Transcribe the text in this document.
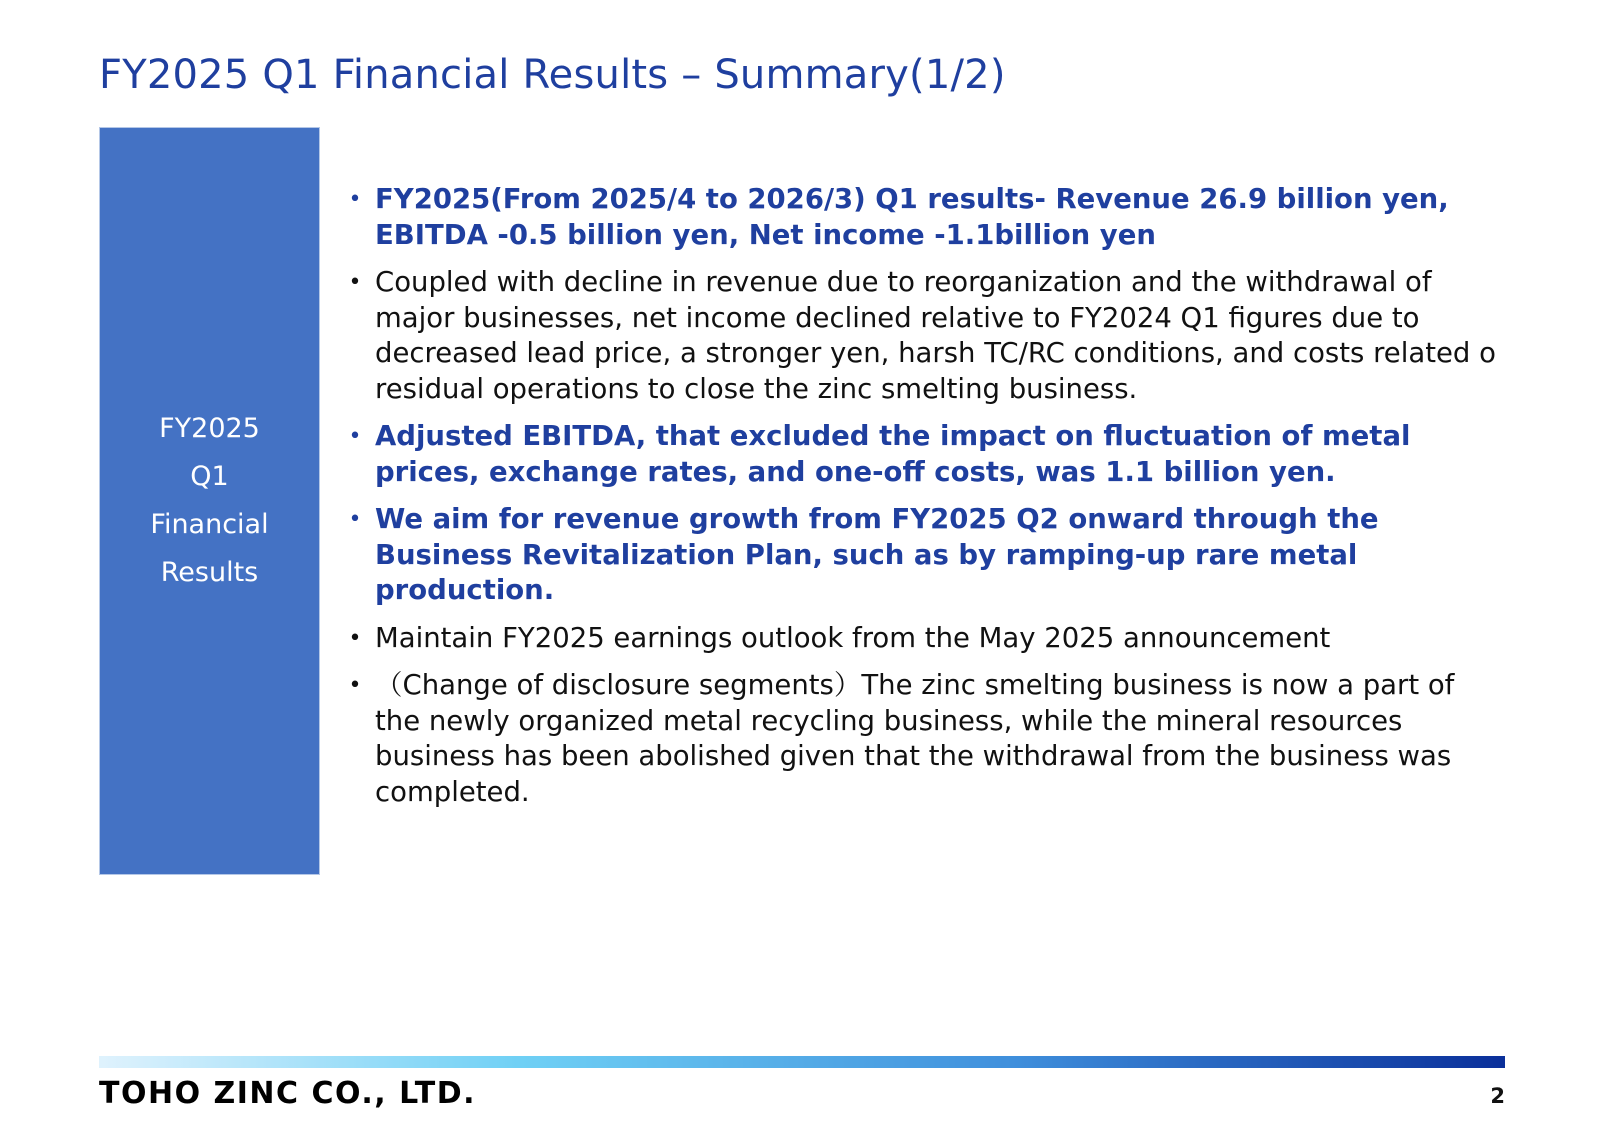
FY2025 Q1 Financial Results – Summary(1/2)
FY2025
Q1
Financial
Results
• FY2025(From 2025/4 to 2026/3) Q1 results- Revenue 26.9 billion yen, EBITDA -0.5 billion yen, Net income -1.1billion yen
• Coupled with decline in revenue due to reorganization and the withdrawal of major businesses, net income declined relative to FY2024 Q1 figures due to decreased lead price, a stronger yen, harsh TC/RC conditions, and costs related o residual operations to close the zinc smelting business.
• Adjusted EBITDA, that excluded the impact on fluctuation of metal prices, exchange rates, and one-off costs, was 1.1 billion yen.
• We aim for revenue growth from FY2025 Q2 onward through the Business Revitalization Plan, such as by ramping-up rare metal production.
• Maintain FY2025 earnings outlook from the May 2025 announcement
• （Change of disclosure segments）The zinc smelting business is now a part of the newly organized metal recycling business, while the mineral resources business has been abolished given that the withdrawal from the business was completed.
TOHO ZINC CO., LTD.	2
